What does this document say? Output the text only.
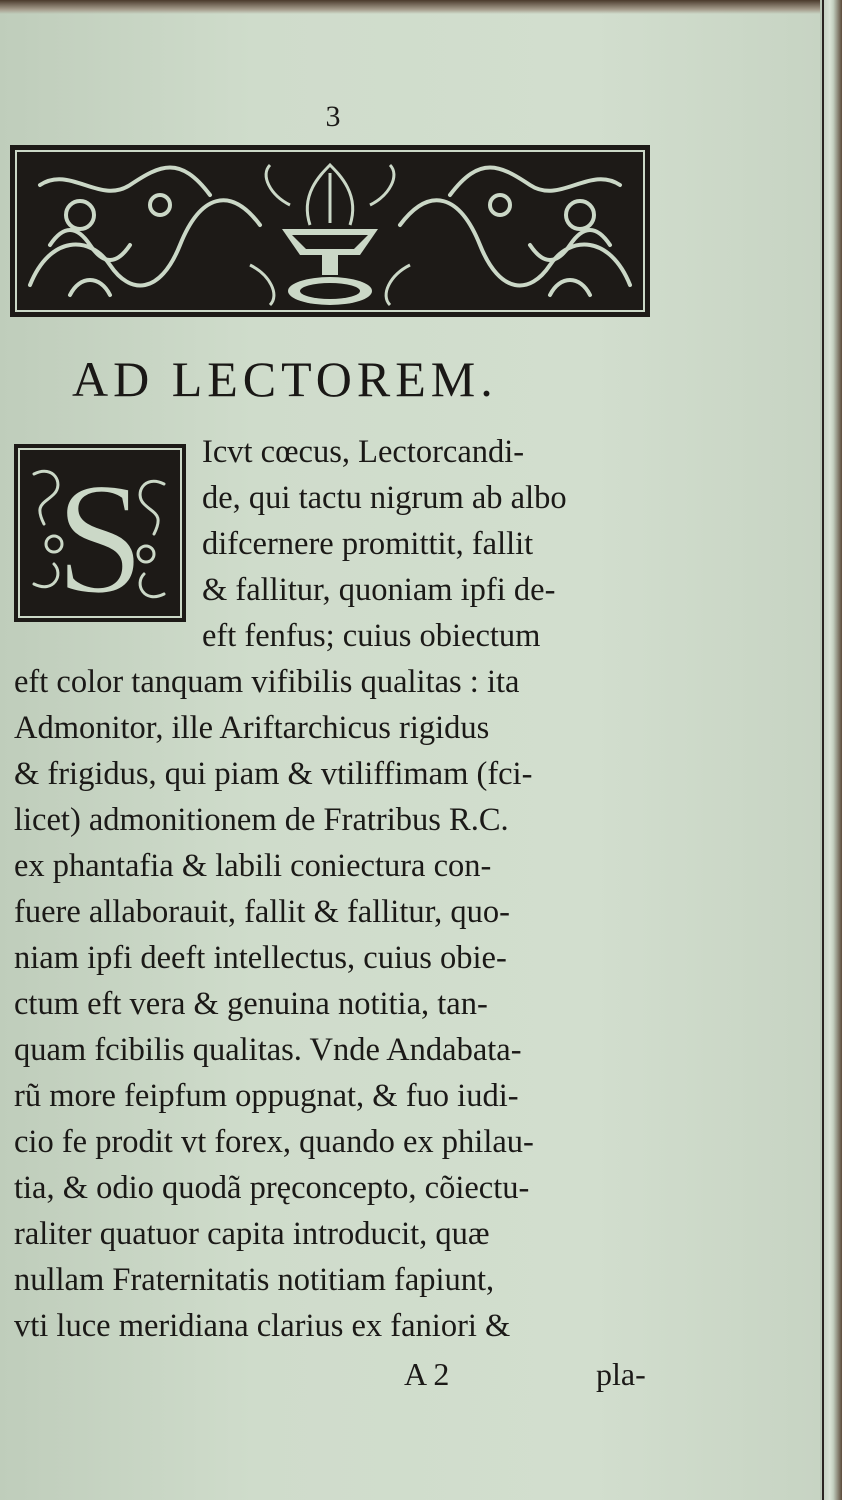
3
AD LECTOREM.
S Icvt cœcus, Lectorcandi-
de, qui tactu nigrum ab albo
difcernere promittit, fallit
& fallitur, quoniam ipfi de-
eft fenfus; cuius obiectum
eft color tanquam vifibilis qualitas : ita
Admonitor, ille Ariftarchicus rigidus
& frigidus, qui piam & vtiliffimam (fci-
licet) admonitionem de Fratribus R.C.
ex phantafia & labili coniectura con-
fuere allaborauit, fallit & fallitur, quo-
niam ipfi deeft intellectus, cuius obie-
ctum eft vera & genuina notitia, tan-
quam fcibilis qualitas. Vnde Andabata-
rũ more feipfum oppugnat, & fuo iudi-
cio fe prodit vt forex, quando ex philau-
tia, & odio quodã pręconcepto, cõiectu-
raliter quatuor capita introducit, quæ
nullam Fraternitatis notitiam fapiunt,
vti luce meridiana clarius ex faniori &
A 2	pla-
